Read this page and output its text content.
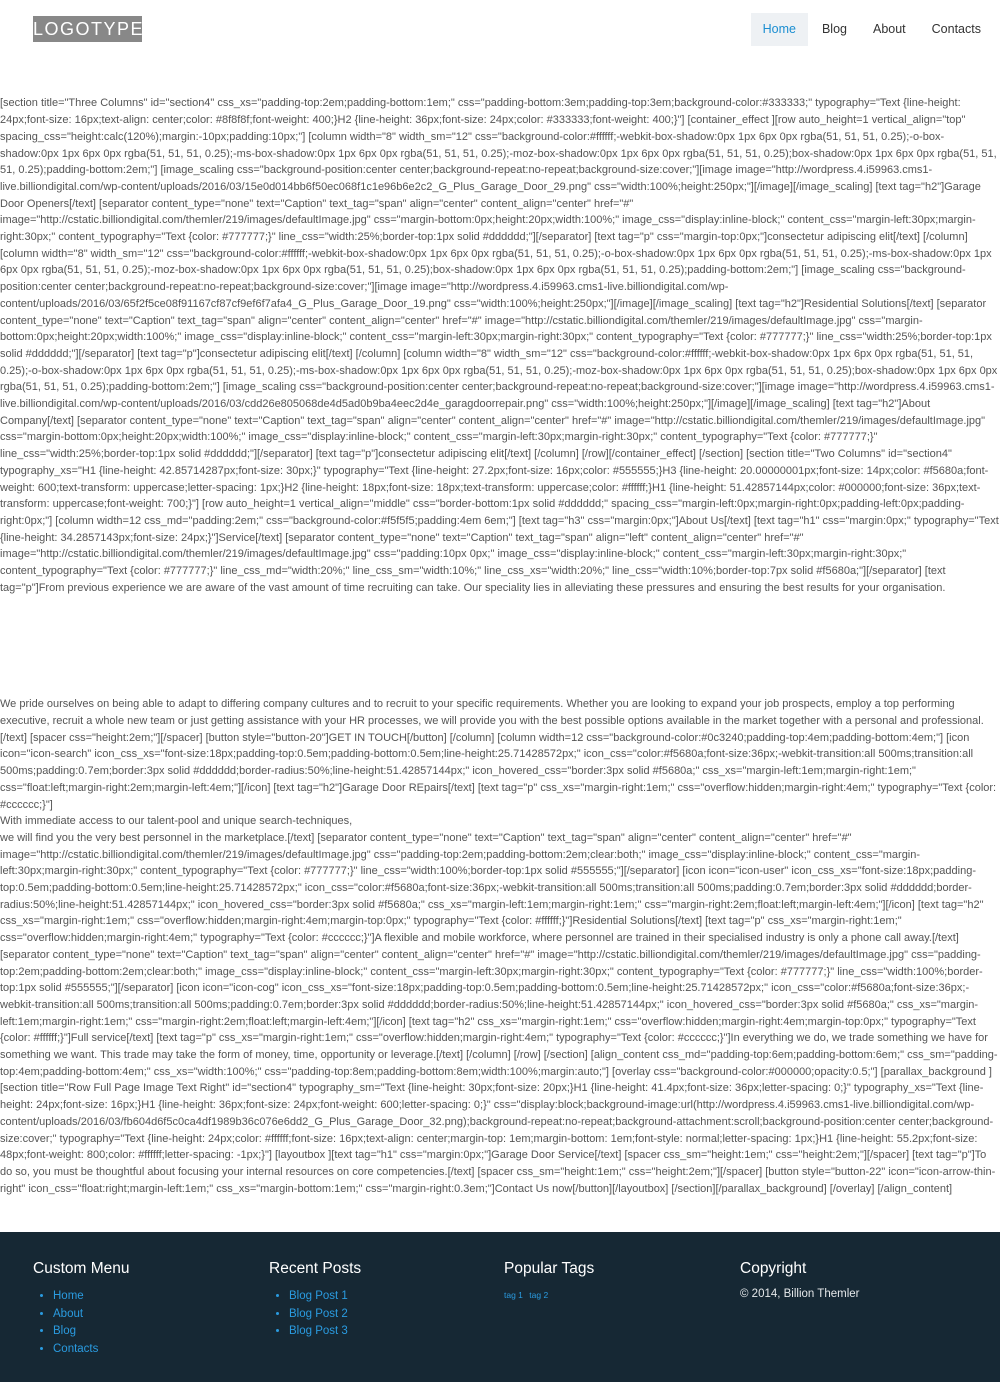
LOGOTYPE	Home	Blog	About	Contacts

[section title="Three Columns" id="section4" css_xs="padding-top:2em;padding-bottom:1em;" css="padding-bottom:3em;padding-top:3em;background-color:#333333;" typography="Text {line-height: 24px;font-size: 16px;text-align: center;color: #8f8f8f;font-weight: 400;}H2 {line-height: 36px;font-size: 24px;color: #333333;font-weight: 400;}"] [container_effect ][row auto_height=1 vertical_align="top" spacing_css="height:calc(120%);margin:-10px;padding:10px;"] [column width="8" width_sm="12" css="background-color:#ffffff;-webkit-box-shadow:0px 1px 6px 0px rgba(51, 51, 51, 0.25);-o-box-shadow:0px 1px 6px 0px rgba(51, 51, 51, 0.25);-ms-box-shadow:0px 1px 6px 0px rgba(51, 51, 51, 0.25);-moz-box-shadow:0px 1px 6px 0px rgba(51, 51, 51, 0.25);box-shadow:0px 1px 6px 0px rgba(51, 51, 51, 0.25);padding-bottom:2em;"] [image_scaling css="background-position:center center;background-repeat:no-repeat;background-size:cover;"][image image="http://wordpress.4.i59963.cms1-live.billiondigital.com/wp-content/uploads/2016/03/15e0d014bb6f50ec068f1c1e96b6e2c2_G_Plus_Garage_Door_29.png" css="width:100%;height:250px;"][/image][/image_scaling] [text tag="h2"]Garage Door Openers[/text] [separator content_type="none" text="Caption" text_tag="span" align="center" content_align="center" href="#" image="http://cstatic.billiondigital.com/themler/219/images/defaultImage.jpg" css="margin-bottom:0px;height:20px;width:100%;" image_css="display:inline-block;" content_css="margin-left:30px;margin-right:30px;" content_typography="Text {color: #777777;}" line_css="width:25%;border-top:1px solid #dddddd;"][/separator] [text tag="p" css="margin-top:0px;"]consectetur adipiscing elit[/text] [/column] [column width="8" width_sm="12" css="background-color:#ffffff;-webkit-box-shadow:0px 1px 6px 0px rgba(51, 51, 51, 0.25);-o-box-shadow:0px 1px 6px 0px rgba(51, 51, 51, 0.25);-ms-box-shadow:0px 1px 6px 0px rgba(51, 51, 51, 0.25);-moz-box-shadow:0px 1px 6px 0px rgba(51, 51, 51, 0.25);box-shadow:0px 1px 6px 0px rgba(51, 51, 51, 0.25);padding-bottom:2em;"] [image_scaling css="background-position:center center;background-repeat:no-repeat;background-size:cover;"][image image="http://wordpress.4.i59963.cms1-live.billiondigital.com/wp-content/uploads/2016/03/65f2f5ce08f91167cf87cf9ef6f7afa4_G_Plus_Garage_Door_19.png" css="width:100%;height:250px;"][/image][/image_scaling] [text tag="h2"]Residential Solutions[/text] [separator content_type="none" text="Caption" text_tag="span" align="center" content_align="center" href="#" image="http://cstatic.billiondigital.com/themler/219/images/defaultImage.jpg" css="margin-bottom:0px;height:20px;width:100%;" image_css="display:inline-block;" content_css="margin-left:30px;margin-right:30px;" content_typography="Text {color: #777777;}" line_css="width:25%;border-top:1px solid #dddddd;"][/separator] [text tag="p"]consectetur adipiscing elit[/text] [/column] [column width="8" width_sm="12" css="background-color:#ffffff;-webkit-box-shadow:0px 1px 6px 0px rgba(51, 51, 51, 0.25);-o-box-shadow:0px 1px 6px 0px rgba(51, 51, 51, 0.25);-ms-box-shadow:0px 1px 6px 0px rgba(51, 51, 51, 0.25);-moz-box-shadow:0px 1px 6px 0px rgba(51, 51, 51, 0.25);box-shadow:0px 1px 6px 0px rgba(51, 51, 51, 0.25);padding-bottom:2em;"] [image_scaling css="background-position:center center;background-repeat:no-repeat;background-size:cover;"][image image="http://wordpress.4.i59963.cms1-live.billiondigital.com/wp-content/uploads/2016/03/cdd26e805068de4d5ad0b9ba4eec2d4e_garagdoorrepair.png" css="width:100%;height:250px;"][/image][/image_scaling] [text tag="h2"]About Company[/text] [separator content_type="none" text="Caption" text_tag="span" align="center" content_align="center" href="#" image="http://cstatic.billiondigital.com/themler/219/images/defaultImage.jpg" css="margin-bottom:0px;height:20px;width:100%;" image_css="display:inline-block;" content_css="margin-left:30px;margin-right:30px;" content_typography="Text {color: #777777;}" line_css="width:25%;border-top:1px solid #dddddd;"][/separator] [text tag="p"]consectetur adipiscing elit[/text] [/column] [/row][/container_effect] [/section] [section title="Two Columns" id="section4" typography_xs="H1 {line-height: 42.85714287px;font-size: 30px;}" typography="Text {line-height: 27.2px;font-size: 16px;color: #555555;}H3 {line-height: 20.00000001px;font-size: 14px;color: #f5680a;font-weight: 600;text-transform: uppercase;letter-spacing: 1px;}H2 {line-height: 18px;font-size: 18px;text-transform: uppercase;color: #ffffff;}H1 {line-height: 51.42857144px;color: #000000;font-size: 36px;text-transform: uppercase;font-weight: 700;}"] [row auto_height=1 vertical_align="middle" css="border-bottom:1px solid #dddddd;" spacing_css="margin-left:0px;margin-right:0px;padding-left:0px;padding-right:0px;"] [column width=12 css_md="padding:2em;" css="background-color:#f5f5f5;padding:4em 6em;"] [text tag="h3" css="margin:0px;"]About Us[/text] [text tag="h1" css="margin:0px;" typography="Text {line-height: 34.2857143px;font-size: 24px;}"]Service[/text] [separator content_type="none" text="Caption" text_tag="span" align="left" content_align="center" href="#" image="http://cstatic.billiondigital.com/themler/219/images/defaultImage.jpg" css="padding:10px 0px;" image_css="display:inline-block;" content_css="margin-left:30px;margin-right:30px;" content_typography="Text {color: #777777;}" line_css_md="width:20%;" line_css_sm="width:10%;" line_css_xs="width:20%;" line_css="width:10%;border-top:7px solid #f5680a;"][/separator] [text tag="p"]From previous experience we are aware of the vast amount of time recruiting can take. Our speciality lies in alleviating these pressures and ensuring the best results for your organisation.

We pride ourselves on being able to adapt to differing company cultures and to recruit to your specific requirements. Whether you are looking to expand your job prospects, employ a top performing executive, recruit a whole new team or just getting assistance with your HR processes, we will provide you with the best possible options available in the market together with a personal and professional.
[/text] [spacer css="height:2em;"][/spacer] [button style="button-20"]GET IN TOUCH[/button] [/column] [column width=12 css="background-color:#0c3240;padding-top:4em;padding-bottom:4em;"] [icon icon="icon-search" icon_css_xs="font-size:18px;padding-top:0.5em;padding-bottom:0.5em;line-height:25.71428572px;" icon_css="color:#f5680a;font-size:36px;-webkit-transition:all 500ms;transition:all 500ms;padding:0.7em;border:3px solid #dddddd;border-radius:50%;line-height:51.42857144px;" icon_hovered_css="border:3px solid #f5680a;" css_xs="margin-left:1em;margin-right:1em;" css="float:left;margin-right:2em;margin-left:4em;"][/icon] [text tag="h2"]Garage Door REpairs[/text] [text tag="p" css_xs="margin-right:1em;" css="overflow:hidden;margin-right:4em;" typography="Text {color: #cccccc;}"]
With immediate access to our talent-pool and unique search-techniques,
we will find you the very best personnel in the marketplace.[/text] [separator content_type="none" text="Caption" text_tag="span" align="center" content_align="center" href="#" image="http://cstatic.billiondigital.com/themler/219/images/defaultImage.jpg" css="padding-top:2em;padding-bottom:2em;clear:both;" image_css="display:inline-block;" content_css="margin-left:30px;margin-right:30px;" content_typography="Text {color: #777777;}" line_css="width:100%;border-top:1px solid #555555;"][/separator] [icon icon="icon-user" icon_css_xs="font-size:18px;padding-top:0.5em;padding-bottom:0.5em;line-height:25.71428572px;" icon_css="color:#f5680a;font-size:36px;-webkit-transition:all 500ms;transition:all 500ms;padding:0.7em;border:3px solid #dddddd;border-radius:50%;line-height:51.42857144px;" icon_hovered_css="border:3px solid #f5680a;" css_xs="margin-left:1em;margin-right:1em;" css="margin-right:2em;float:left;margin-left:4em;"][/icon] [text tag="h2" css_xs="margin-right:1em;" css="overflow:hidden;margin-right:4em;margin-top:0px;" typography="Text {color: #ffffff;}"]Residential Solutions[/text] [text tag="p" css_xs="margin-right:1em;" css="overflow:hidden;margin-right:4em;" typography="Text {color: #cccccc;}"]A flexible and mobile workforce, where personnel are trained in their specialised industry is only a phone call away.[/text] [separator content_type="none" text="Caption" text_tag="span" align="center" content_align="center" href="#" image="http://cstatic.billiondigital.com/themler/219/images/defaultImage.jpg" css="padding-top:2em;padding-bottom:2em;clear:both;" image_css="display:inline-block;" content_css="margin-left:30px;margin-right:30px;" content_typography="Text {color: #777777;}" line_css="width:100%;border-top:1px solid #555555;"][/separator] [icon icon="icon-cog" icon_css_xs="font-size:18px;padding-top:0.5em;padding-bottom:0.5em;line-height:25.71428572px;" icon_css="color:#f5680a;font-size:36px;-webkit-transition:all 500ms;transition:all 500ms;padding:0.7em;border:3px solid #dddddd;border-radius:50%;line-height:51.42857144px;" icon_hovered_css="border:3px solid #f5680a;" css_xs="margin-left:1em;margin-right:1em;" css="margin-right:2em;float:left;margin-left:4em;"][/icon] [text tag="h2" css_xs="margin-right:1em;" css="overflow:hidden;margin-right:4em;margin-top:0px;" typography="Text {color: #ffffff;}"]Full service[/text] [text tag="p" css_xs="margin-right:1em;" css="overflow:hidden;margin-right:4em;" typography="Text {color: #cccccc;}"]In everything we do, we trade something we have for something we want. This trade may take the form of money, time, opportunity or leverage.[/text] [/column] [/row] [/section] [align_content css_md="padding-top:6em;padding-bottom:6em;" css_sm="padding-top:4em;padding-bottom:4em;" css_xs="width:100%;" css="padding-top:8em;padding-bottom:8em;width:100%;margin:auto;"] [overlay css="background-color:#000000;opacity:0.5;"] [parallax_background ][section title="Row Full Page Image Text Right" id="section4" typography_sm="Text {line-height: 30px;font-size: 20px;}H1 {line-height: 41.4px;font-size: 36px;letter-spacing: 0;}" typography_xs="Text {line-height: 24px;font-size: 16px;}H1 {line-height: 36px;font-size: 24px;font-weight: 600;letter-spacing: 0;}" css="display:block;background-image:url(http://wordpress.4.i59963.cms1-live.billiondigital.com/wp-content/uploads/2016/03/fb604d6f5c0ca4df1989b36c076e6dd2_G_Plus_Garage_Door_32.png);background-repeat:no-repeat;background-attachment:scroll;background-position:center center;background-size:cover;" typography="Text {line-height: 24px;color: #ffffff;font-size: 16px;text-align: center;margin-top: 1em;margin-bottom: 1em;font-style: normal;letter-spacing: 1px;}H1 {line-height: 55.2px;font-size: 48px;font-weight: 800;color: #ffffff;letter-spacing: -1px;}"] [layoutbox ][text tag="h1" css="margin:0px;"]Garage Door Service[/text] [spacer css_sm="height:1em;" css="height:2em;"][/spacer] [text tag="p"]To do so, you must be thoughtful about focusing your internal resources on core competencies.[/text] [spacer css_sm="height:1em;" css="height:2em;"][/spacer] [button style="button-22" icon="icon-arrow-thin-right" icon_css="float:right;margin-left:1em;" css_xs="margin-bottom:1em;" css="margin-right:0.3em;"]Contact Us now[/button][/layoutbox] [/section][/parallax_background] [/overlay] [/align_content]

Custom Menu
• Home
• About
• Blog
• Contacts
Recent Posts
• Blog Post 1
• Blog Post 2
• Blog Post 3
Popular Tags
tag 1 tag 2
Copyright
© 2014, Billion Themler
